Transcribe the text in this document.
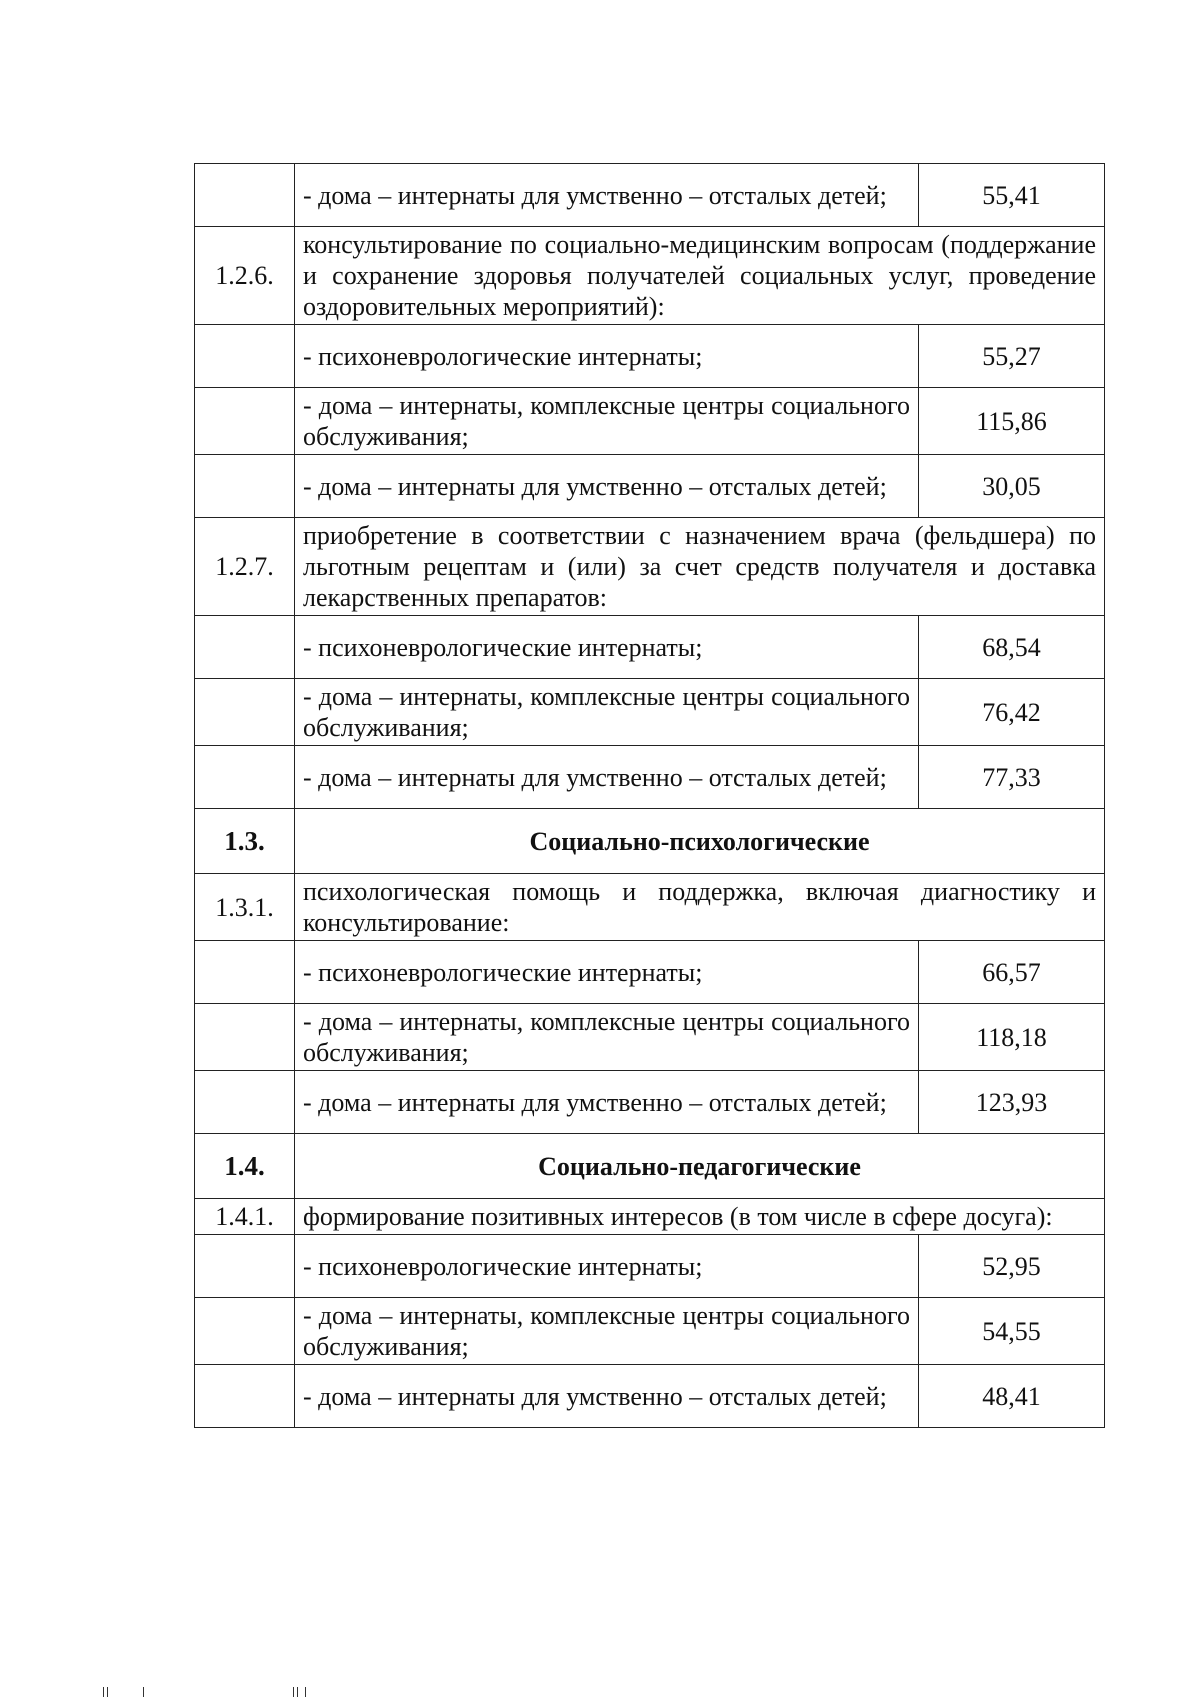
	- дома – интернаты для умственно – отсталых детей;	55,41
1.2.6.	консультирование по социально-медицинским вопросам (поддержание и сохранение здоровья получателей социальных услуг, проведение оздоровительных мероприятий):	
	- психоневрологические интернаты;	55,27
	- дома – интернаты, комплексные центры социального обслуживания;	115,86
	- дома – интернаты для умственно – отсталых детей;	30,05
1.2.7.	приобретение в соответствии с назначением врача (фельдшера) по льготным рецептам и (или) за счет средств получателя и доставка лекарственных препаратов:	
	- психоневрологические интернаты;	68,54
	- дома – интернаты, комплексные центры социального обслуживания;	76,42
	- дома – интернаты для умственно – отсталых детей;	77,33
1.3.	Социально-психологические	
1.3.1.	психологическая помощь и поддержка, включая диагностику и консультирование:	
	- психоневрологические интернаты;	66,57
	- дома – интернаты, комплексные центры социального обслуживания;	118,18
	- дома – интернаты для умственно – отсталых детей;	123,93
1.4.	Социально-педагогические	
1.4.1.	формирование позитивных интересов (в том числе в сфере досуга):	
	- психоневрологические интернаты;	52,95
	- дома – интернаты, комплексные центры социального обслуживания;	54,55
	- дома – интернаты для умственно – отсталых детей;	48,41
